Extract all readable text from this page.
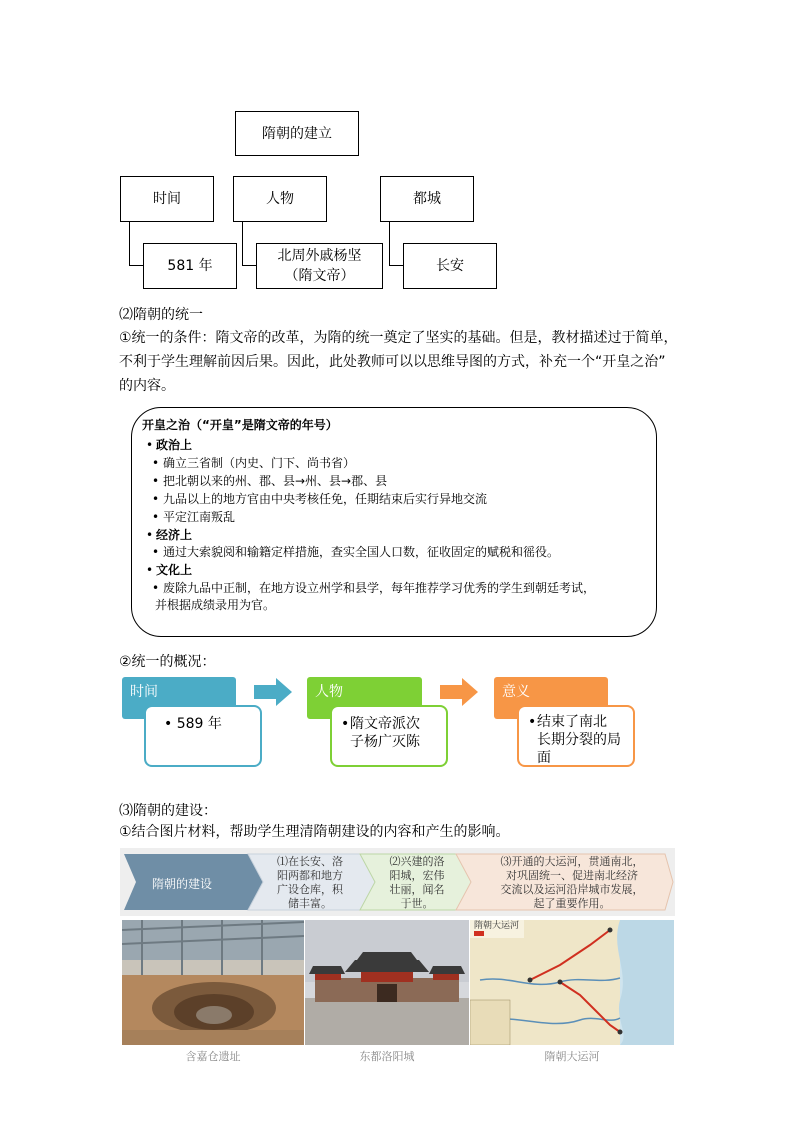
隋朝的建立
时间	人物	都城
581 年
北周外戚杨坚
（隋文帝）
长安
⑵隋朝的统一
①统一的条件：隋文帝的改革，为隋的统一奠定了坚实的基础。但是，教材描述过于简单，
不利于学生理解前因后果。因此，此处教师可以以思维导图的方式，补充一个“开皇之治”
的内容。
开皇之治（“开皇”是隋文帝的年号）
• 政治上
• 确立三省制（内史、门下、尚书省）
• 把北朝以来的州、郡、县→州、县→郡、县
• 九品以上的地方官由中央考核任免，任期结束后实行异地交流
• 平定江南叛乱
• 经济上
• 通过大索貌阅和输籍定样措施，查实全国人口数，征收固定的赋税和徭役。
• 文化上
• 废除九品中正制，在地方设立州学和县学，每年推荐学习优秀的学生到朝廷考试，
并根据成绩录用为官。
②统一的概况：
时间
• 589 年
人物
• 隋文帝派次
子杨广灭陈
意义
• 结束了南北
长期分裂的局
面
⑶隋朝的建设：
①结合图片材料，帮助学生理清隋朝建设的内容和产生的影响。
隋朝的建设
⑴在长安、洛
阳两都和地方
广设仓库，积
储丰富。
⑵兴建的洛
阳城，宏伟
壮丽，闻名
于世。
⑶开通的大运河，贯通南北，
对巩固统一、促进南北经济
交流以及运河沿岸城市发展，
起了重要作用。
隋朝大运河
含嘉仓遗址	东都洛阳城	隋朝大运河
